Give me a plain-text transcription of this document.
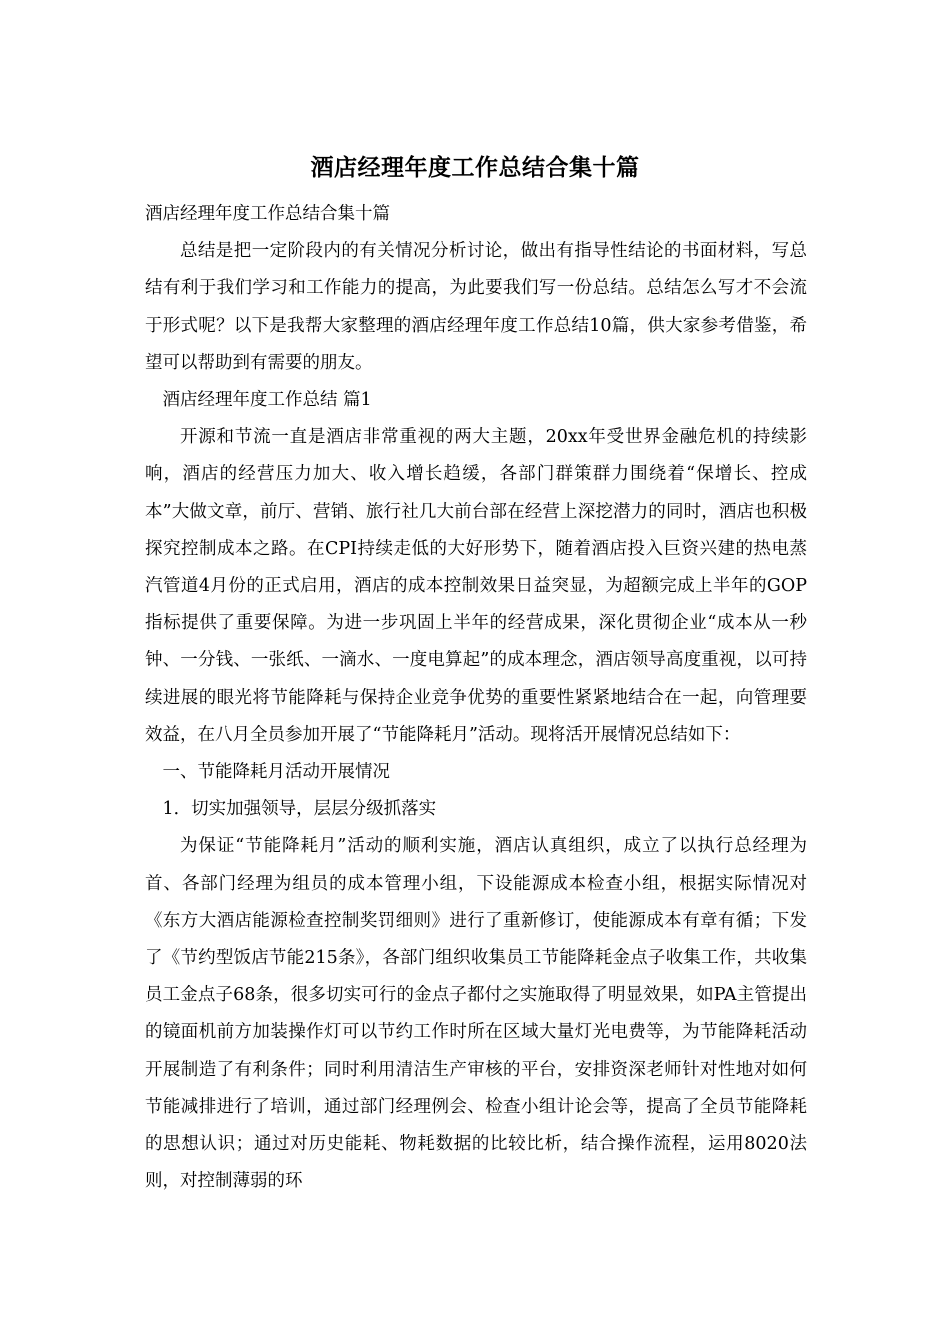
酒店经理年度工作总结合集十篇

酒店经理年度工作总结合集十篇

总结是把一定阶段内的有关情况分析讨论，做出有指导性结论的书面材料，写总结有利于我们学习和工作能力的提高，为此要我们写一份总结。总结怎么写才不会流于形式呢？以下是我帮大家整理的酒店经理年度工作总结10篇，供大家参考借鉴，希望可以帮助到有需要的朋友。

酒店经理年度工作总结 篇1

开源和节流一直是酒店非常重视的两大主题，20xx年受世界金融危机的持续影响，酒店的经营压力加大、收入增长趋缓，各部门群策群力围绕着“保增长、控成本”大做文章，前厅、营销、旅行社几大前台部在经营上深挖潜力的同时，酒店也积极探究控制成本之路。在CPI持续走低的大好形势下，随着酒店投入巨资兴建的热电蒸汽管道4月份的正式启用，酒店的成本控制效果日益突显，为超额完成上半年的GOP指标提供了重要保障。为进一步巩固上半年的经营成果，深化贯彻企业“成本从一秒钟、一分钱、一张纸、一滴水、一度电算起”的成本理念，酒店领导高度重视，以可持续进展的眼光将节能降耗与保持企业竞争优势的重要性紧紧地结合在一起，向管理要效益，在八月全员参加开展了“节能降耗月”活动。现将活开展情况总结如下：

一、节能降耗月活动开展情况

1．切实加强领导，层层分级抓落实

为保证“节能降耗月”活动的顺利实施，酒店认真组织，成立了以执行总经理为首、各部门经理为组员的成本管理小组，下设能源成本检查小组，根据实际情况对《东方大酒店能源检查控制奖罚细则》进行了重新修订，使能源成本有章有循；下发了《节约型饭店节能215条》，各部门组织收集员工节能降耗金点子收集工作，共收集员工金点子68条，很多切实可行的金点子都付之实施取得了明显效果，如PA主管提出的镜面机前方加装操作灯可以节约工作时所在区域大量灯光电费等，为节能降耗活动开展制造了有利条件；同时利用清洁生产审核的平台，安排资深老师针对性地对如何节能减排进行了培训，通过部门经理例会、检查小组计论会等，提高了全员节能降耗的思想认识；通过对历史能耗、物耗数据的比较比析，结合操作流程，运用8020法则，对控制薄弱的环
